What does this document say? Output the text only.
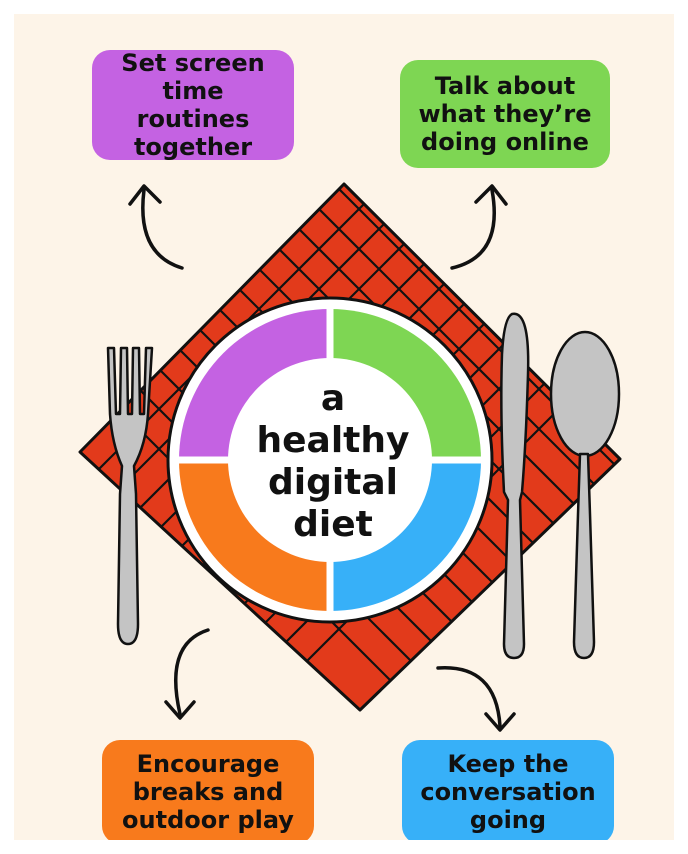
Set screen
time routines
together
Talk about
what they’re
doing online
Encourage
breaks and
outdoor play
Keep the
conversation
going
a
healthy
digital
diet
